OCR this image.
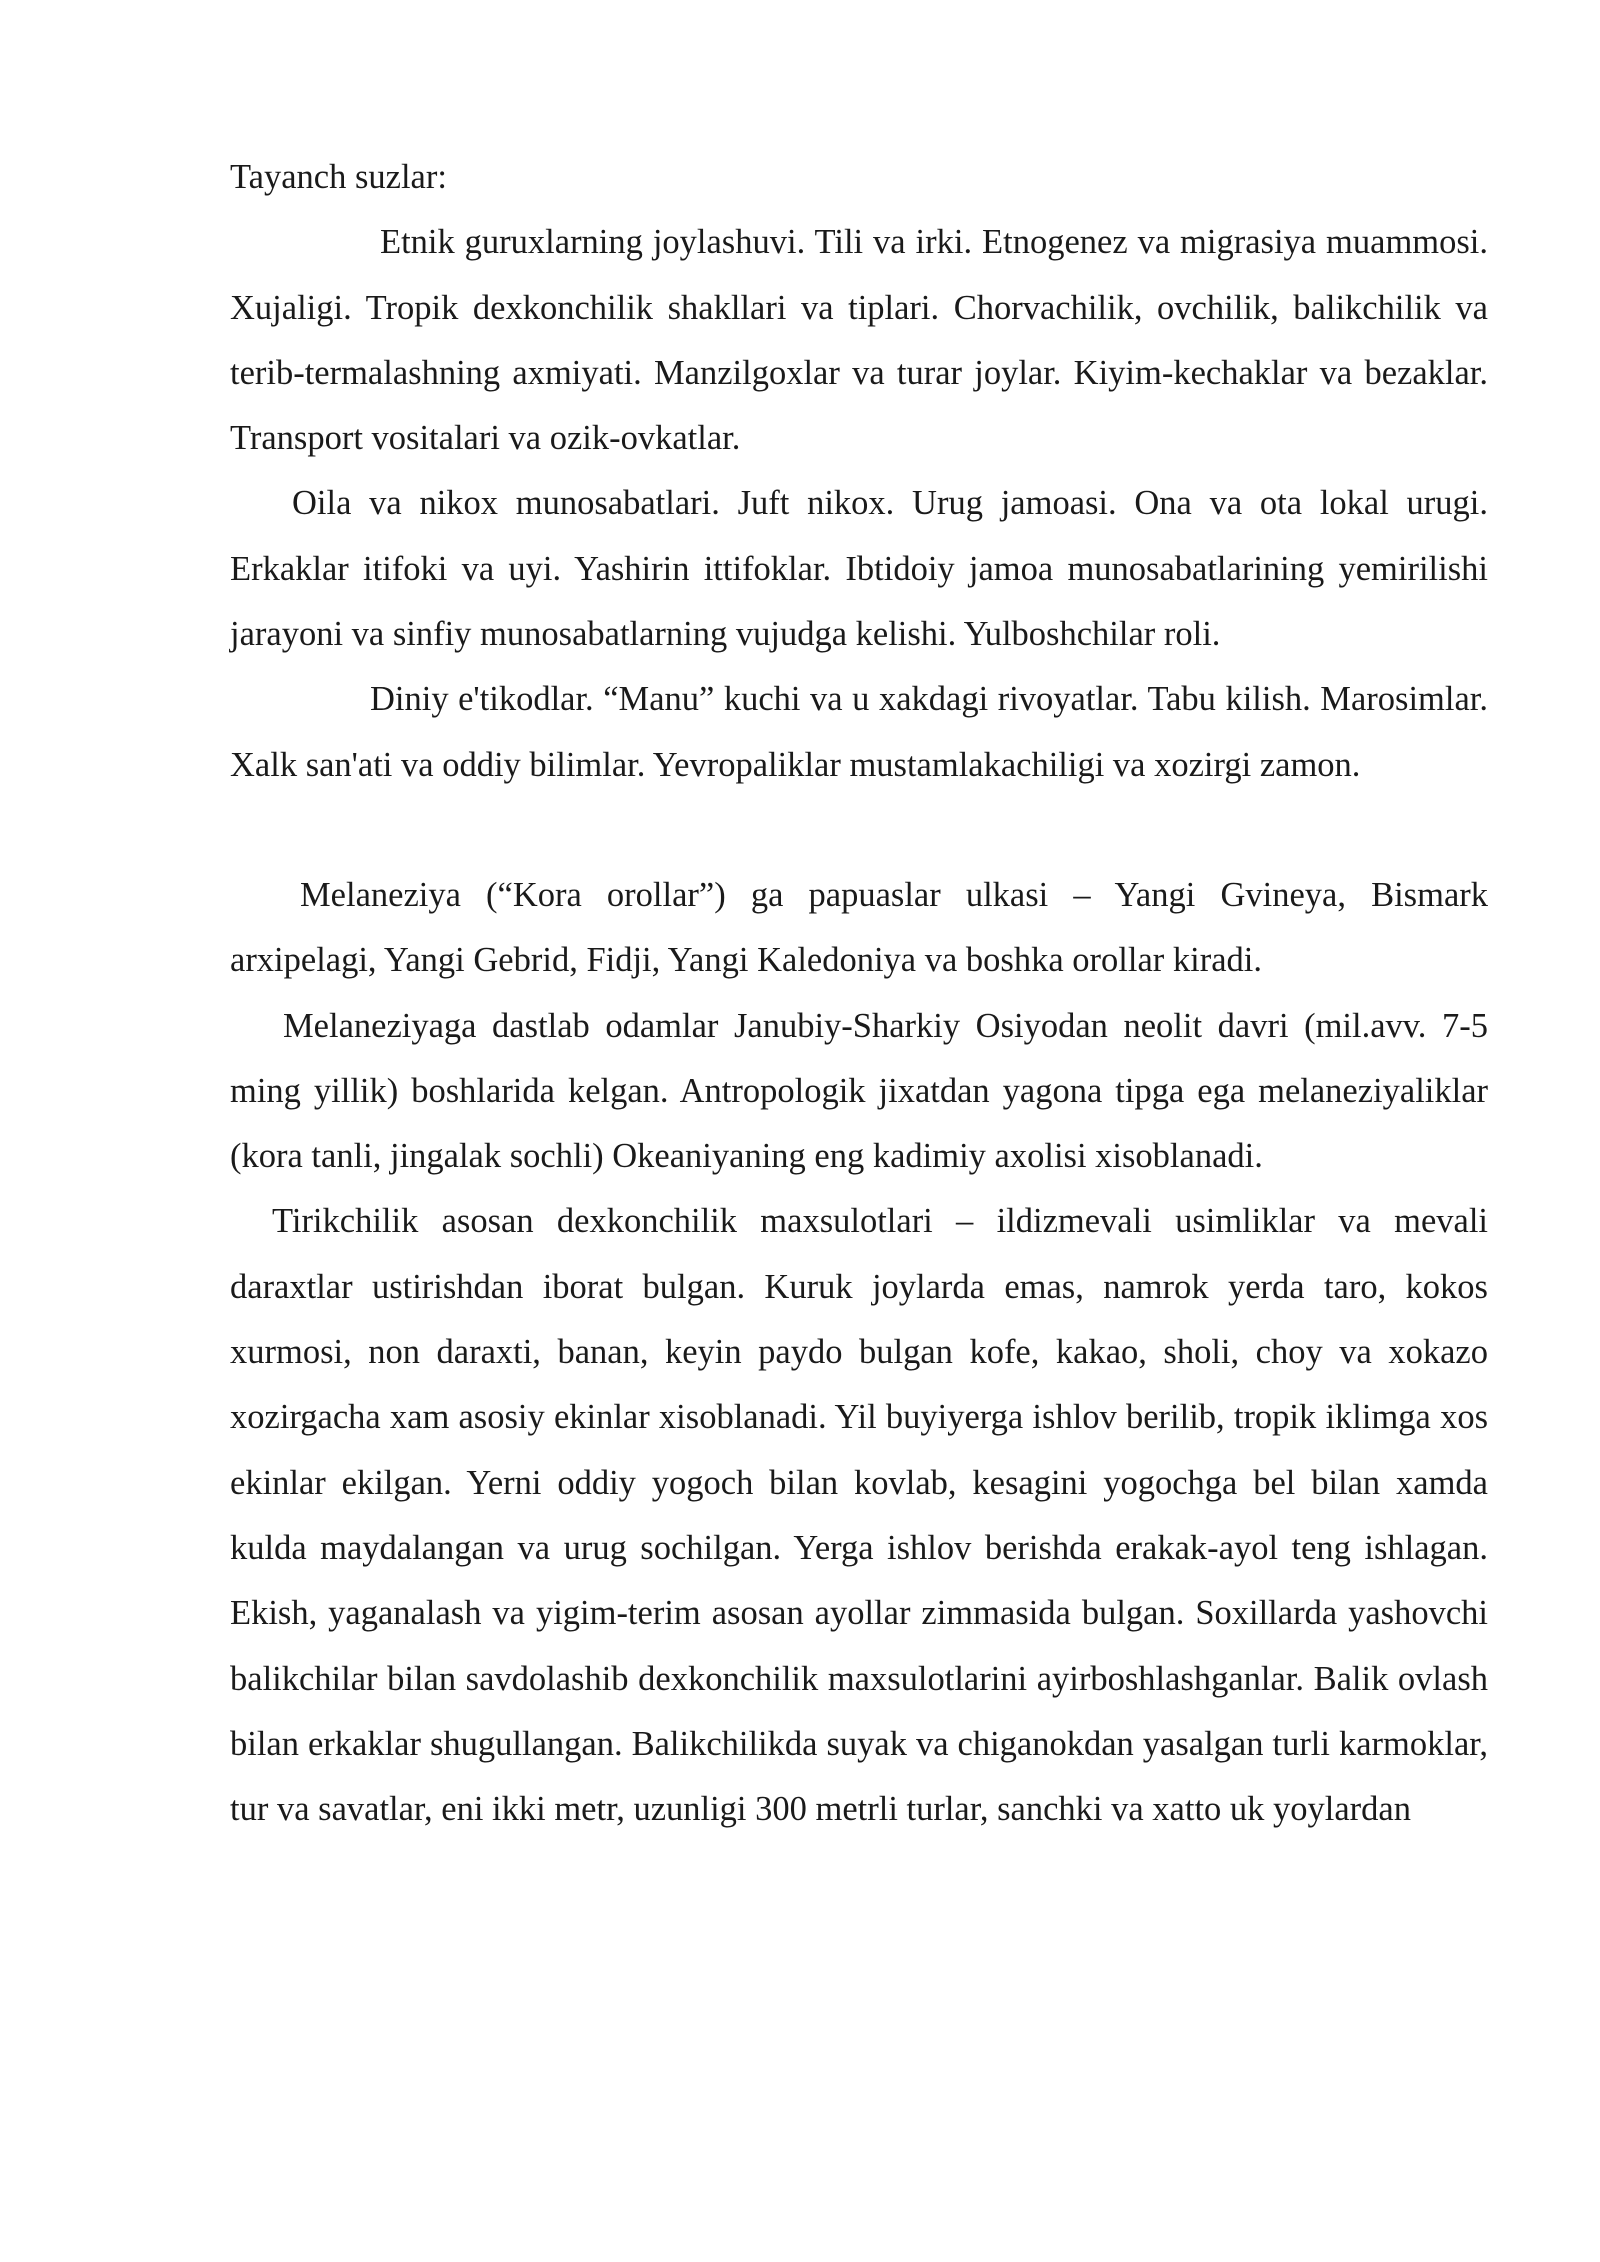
Tayanch suzlar:

Etnik guruxlarning joylashuvi. Tili va irki. Etnogenez va migrasiya muammosi. Xujaligi. Tropik dexkonchilik shakllari va tiplari. Chorvachilik, ovchilik, balikchilik va terib-termalashning axmiyati. Manzilgoxlar va turar joylar. Kiyim-kechaklar va bezaklar. Transport vositalari va ozik-ovkatlar.

Oila va nikox munosabatlari. Juft nikox. Urug jamoasi. Ona va ota lokal urugi. Erkaklar itifoki va uyi. Yashirin ittifoklar. Ibtidoiy jamoa munosabatlarining yemirilishi jarayoni va sinfiy munosabatlarning vujudga kelishi. Yulboshchilar roli.

Diniy e'tikodlar. “Manu” kuchi va u xakdagi rivoyatlar. Tabu kilish. Marosimlar. Xalk san'ati va oddiy bilimlar. Yevropaliklar mustamlakachiligi va xozirgi zamon.

Melaneziya (“Kora orollar”) ga papuaslar ulkasi – Yangi Gvineya, Bismark arxipelagi, Yangi Gebrid, Fidji, Yangi Kaledoniya va boshka orollar kiradi.

Melaneziyaga dastlab odamlar Janubiy-Sharkiy Osiyodan neolit davri (mil.avv. 7-5 ming yillik) boshlarida kelgan. Antropologik jixatdan yagona tipga ega melaneziyaliklar (kora tanli, jingalak sochli) Okeaniyaning eng kadimiy axolisi xisoblanadi.

Tirikchilik asosan dexkonchilik maxsulotlari – ildizmevali usimliklar va mevali daraxtlar ustirishdan iborat bulgan. Kuruk joylarda emas, namrok yerda taro, kokos xurmosi, non daraxti, banan, keyin paydo bulgan kofe, kakao, sholi, choy va xokazo xozirgacha xam asosiy ekinlar xisoblanadi. Yil buyiyerga ishlov berilib, tropik iklimga xos ekinlar ekilgan. Yerni oddiy yogoch bilan kovlab, kesagini yogochga bel bilan xamda kulda maydalangan va urug sochilgan. Yerga ishlov berishda erakak-ayol teng ishlagan. Ekish, yaganalash va yigim-terim asosan ayollar zimmasida bulgan. Soxillarda yashovchi balikchilar bilan savdolashib dexkonchilik maxsulotlarini ayirboshlashganlar. Balik ovlash bilan erkaklar shugullangan. Balikchilikda suyak va chiganokdan yasalgan turli karmoklar, tur va savatlar, eni ikki metr, uzunligi 300 metrli turlar, sanchki va xatto uk yoylardan
